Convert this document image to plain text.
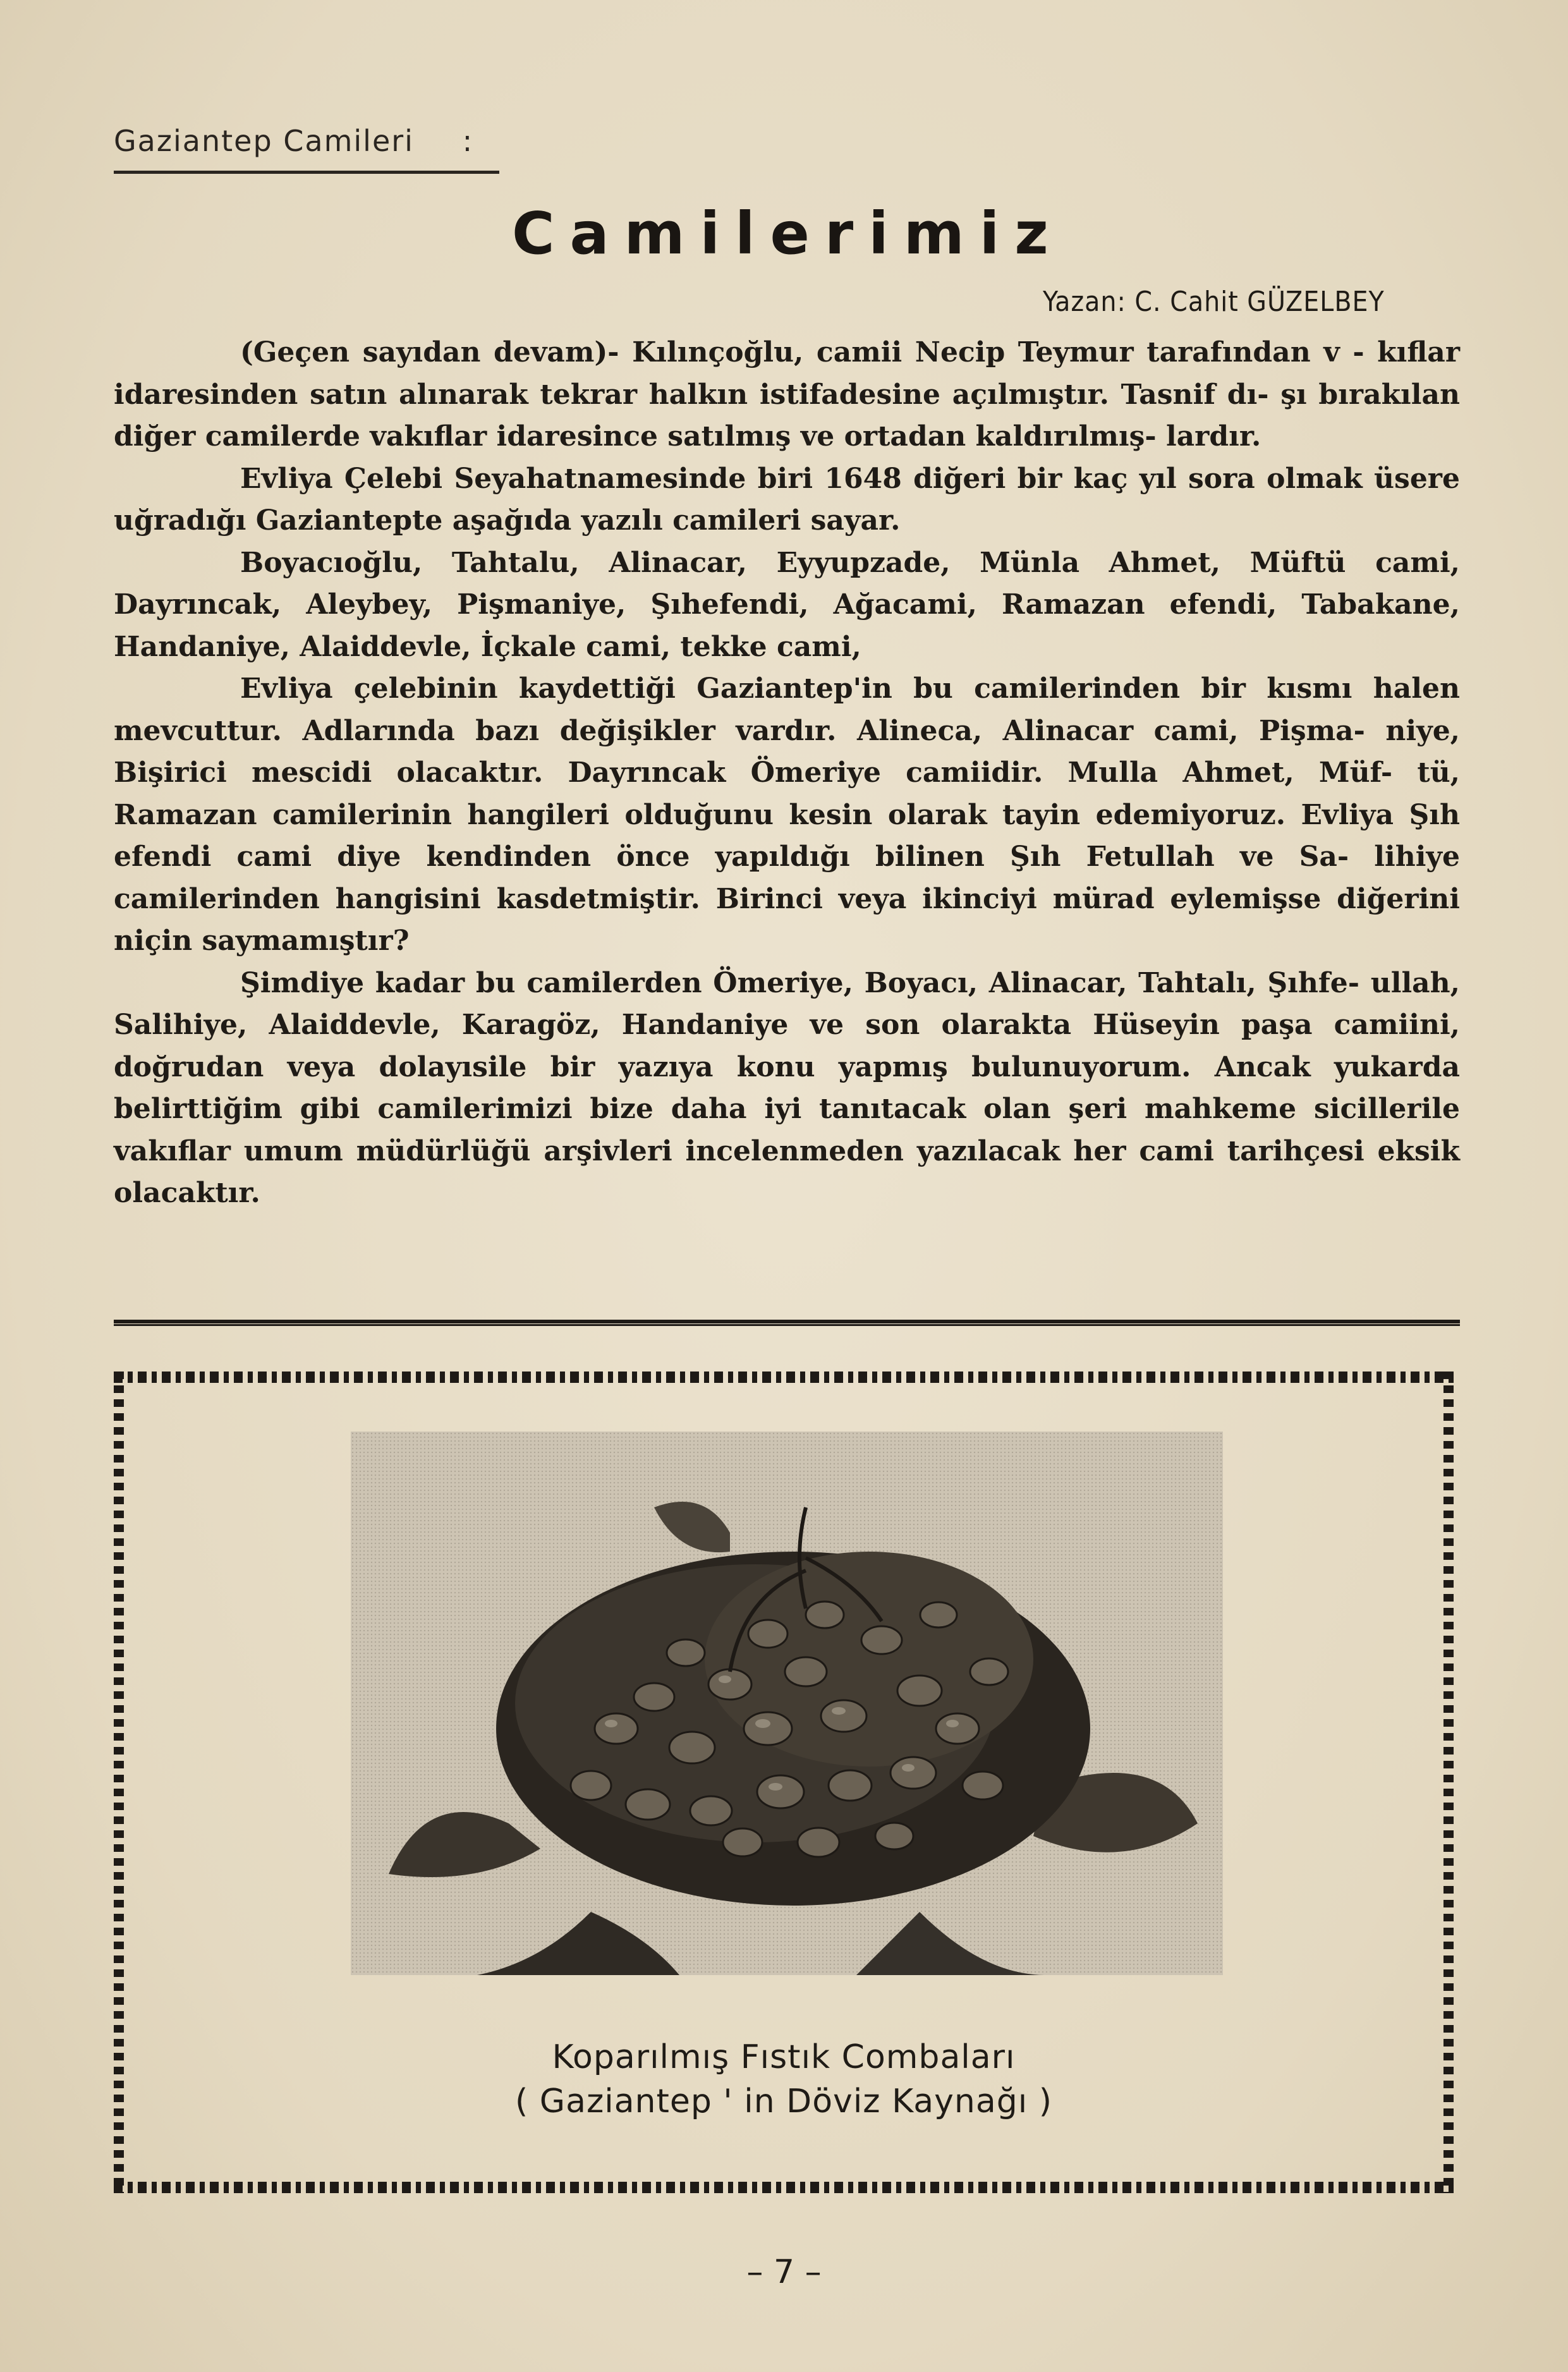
Gaziantep Camileri :
Camilerimiz
Yazan: C. Cahit GÜZELBEY

(Geçen sayıdan devam)- Kılınçoğlu, camii Necip Teymur tarafından v - kıflar idaresinden satın alınarak tekrar halkın istifadesine açılmıştır. Tasnif dı- şı bırakılan diğer camilerde vakıflar idaresince satılmış ve ortadan kaldırılmış- lardır.

Evliya Çelebi Seyahatnamesinde biri 1648 diğeri bir kaç yıl sora olmak üsere uğradığı Gaziantepte aşağıda yazılı camileri sayar.

Boyacıoğlu, Tahtalu, Alinacar, Eyyupzade, Münla Ahmet, Müftü cami, Dayrıncak, Aleybey, Pişmaniye, Şıhefendi, Ağacami, Ramazan efendi, Tabakane, Handaniye, Alaiddevle, İçkale cami, tekke cami,

Evliya çelebinin kaydettiği Gaziantep'in bu camilerinden bir kısmı halen mevcuttur. Adlarında bazı değişikler vardır. Alineca, Alinacar cami, Pişma- niye, Bişirici mescidi olacaktır. Dayrıncak Ömeriye camiidir. Mulla Ahmet, Müf- tü, Ramazan camilerinin hangileri olduğunu kesin olarak tayin edemiyoruz. Evliya Şıh efendi cami diye kendinden önce yapıldığı bilinen Şıh Fetullah ve Sa- lihiye camilerinden hangisini kasdetmiştir. Birinci veya ikinciyi mürad eylemişse diğerini niçin saymamıştır?

Şimdiye kadar bu camilerden Ömeriye, Boyacı, Alinacar, Tahtalı, Şıhfe- ullah, Salihiye, Alaiddevle, Karagöz, Handaniye ve son olarakta Hüseyin paşa camiini, doğrudan veya dolayısile bir yazıya konu yapmış bulunuyorum. Ancak yukarda belirttiğim gibi camilerimizi bize daha iyi tanıtacak olan şeri mahkeme sicillerile vakıflar umum müdürlüğü arşivleri incelenmeden yazılacak her cami tarihçesi eksik olacaktır.

Koparılmış Fıstık Combaları
( Gaziantep ' in Döviz Kaynağı )
– 7 –
